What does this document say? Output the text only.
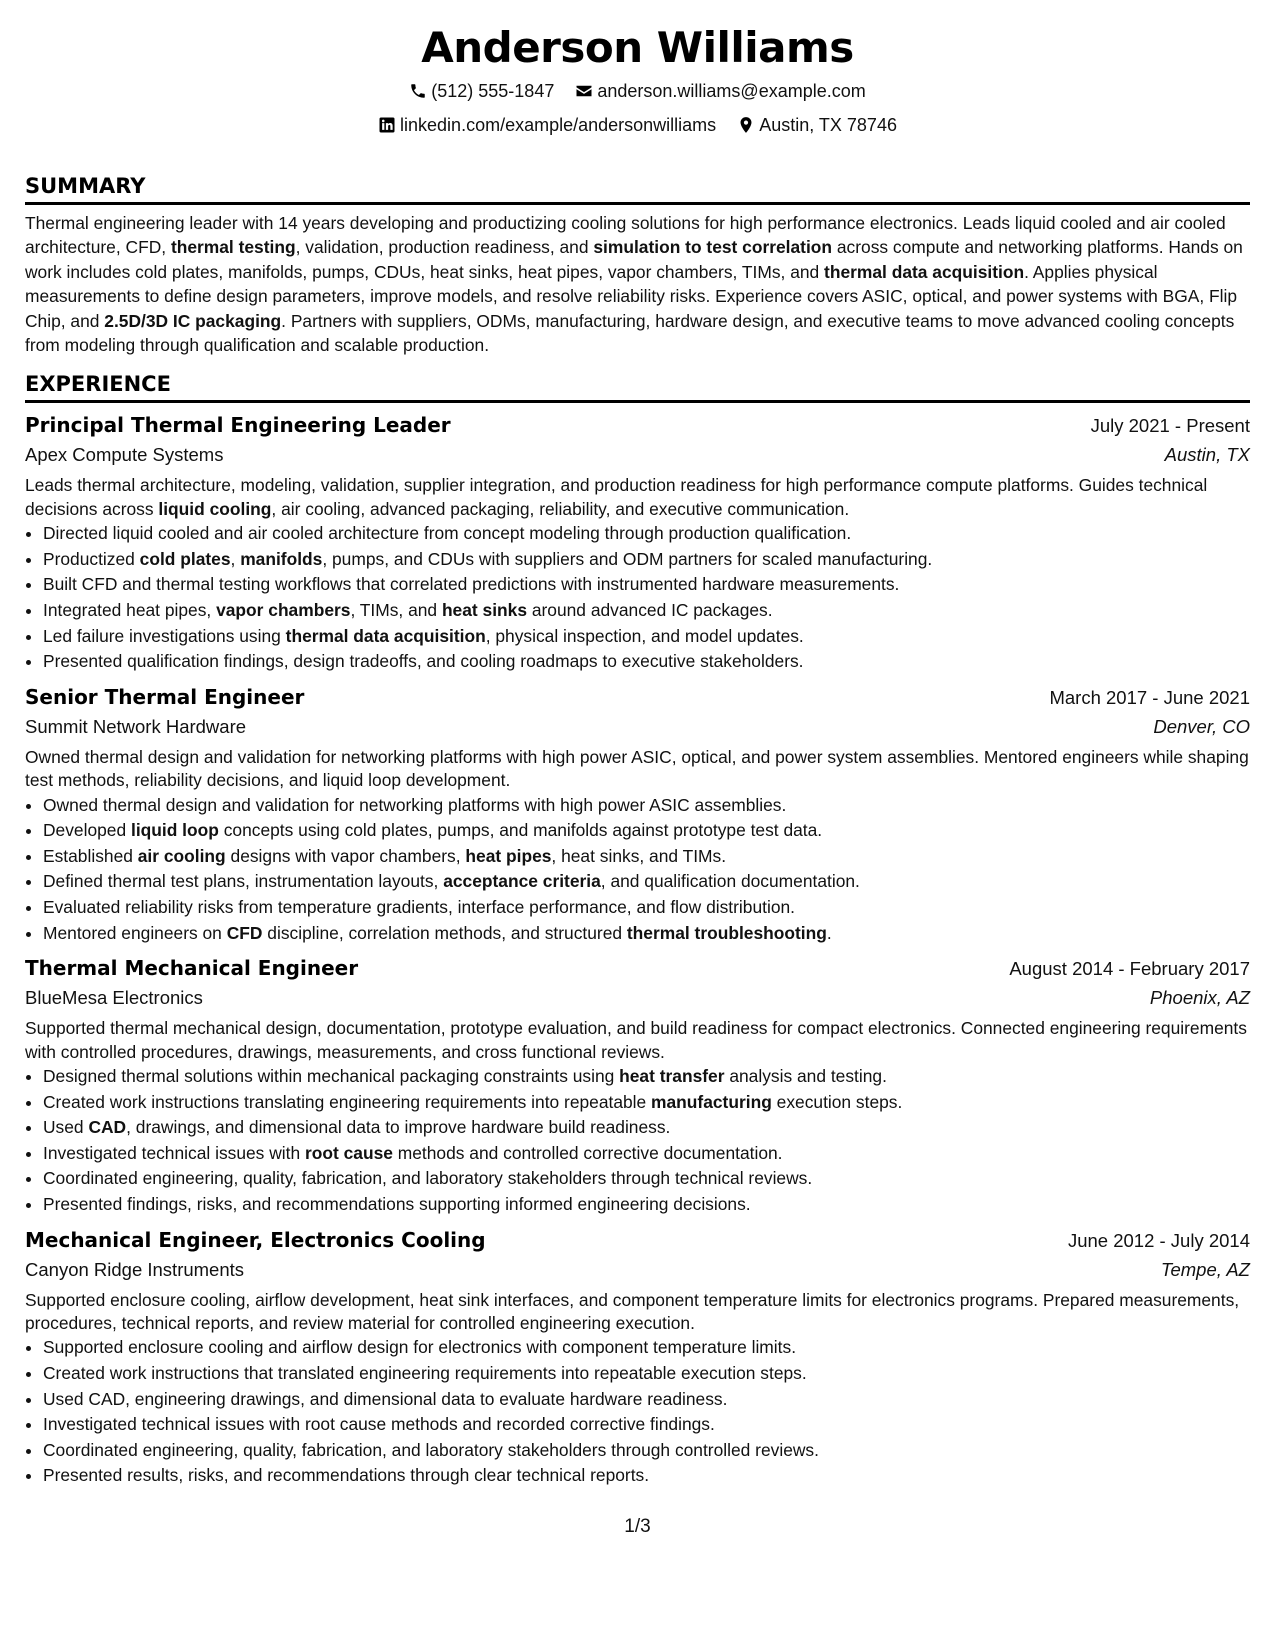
Anderson Williams
(512) 555-1847
anderson.williams@example.com
linkedin.com/example/andersonwilliams
Austin, TX 78746
SUMMARY
Thermal engineering leader with 14 years developing and productizing cooling solutions for high performance electronics. Leads liquid cooled and air cooled architecture, CFD, thermal testing, validation, production readiness, and simulation to test correlation across compute and networking platforms. Hands on work includes cold plates, manifolds, pumps, CDUs, heat sinks, heat pipes, vapor chambers, TIMs, and thermal data acquisition. Applies physical measurements to define design parameters, improve models, and resolve reliability risks. Experience covers ASIC, optical, and power systems with BGA, Flip Chip, and 2.5D/3D IC packaging. Partners with suppliers, ODMs, manufacturing, hardware design, and executive teams to move advanced cooling concepts from modeling through qualification and scalable production.
EXPERIENCE
Principal Thermal Engineering Leader	July 2021 - Present
Apex Compute Systems	Austin, TX
Leads thermal architecture, modeling, validation, supplier integration, and production readiness for high performance compute platforms. Guides technical decisions across liquid cooling, air cooling, advanced packaging, reliability, and executive communication.
• Directed liquid cooled and air cooled architecture from concept modeling through production qualification.
• Productized cold plates, manifolds, pumps, and CDUs with suppliers and ODM partners for scaled manufacturing.
• Built CFD and thermal testing workflows that correlated predictions with instrumented hardware measurements.
• Integrated heat pipes, vapor chambers, TIMs, and heat sinks around advanced IC packages.
• Led failure investigations using thermal data acquisition, physical inspection, and model updates.
• Presented qualification findings, design tradeoffs, and cooling roadmaps to executive stakeholders.
Senior Thermal Engineer	March 2017 - June 2021
Summit Network Hardware	Denver, CO
Owned thermal design and validation for networking platforms with high power ASIC, optical, and power system assemblies. Mentored engineers while shaping test methods, reliability decisions, and liquid loop development.
• Owned thermal design and validation for networking platforms with high power ASIC assemblies.
• Developed liquid loop concepts using cold plates, pumps, and manifolds against prototype test data.
• Established air cooling designs with vapor chambers, heat pipes, heat sinks, and TIMs.
• Defined thermal test plans, instrumentation layouts, acceptance criteria, and qualification documentation.
• Evaluated reliability risks from temperature gradients, interface performance, and flow distribution.
• Mentored engineers on CFD discipline, correlation methods, and structured thermal troubleshooting.
Thermal Mechanical Engineer	August 2014 - February 2017
BlueMesa Electronics	Phoenix, AZ
Supported thermal mechanical design, documentation, prototype evaluation, and build readiness for compact electronics. Connected engineering requirements with controlled procedures, drawings, measurements, and cross functional reviews.
• Designed thermal solutions within mechanical packaging constraints using heat transfer analysis and testing.
• Created work instructions translating engineering requirements into repeatable manufacturing execution steps.
• Used CAD, drawings, and dimensional data to improve hardware build readiness.
• Investigated technical issues with root cause methods and controlled corrective documentation.
• Coordinated engineering, quality, fabrication, and laboratory stakeholders through technical reviews.
• Presented findings, risks, and recommendations supporting informed engineering decisions.
Mechanical Engineer, Electronics Cooling	June 2012 - July 2014
Canyon Ridge Instruments	Tempe, AZ
Supported enclosure cooling, airflow development, heat sink interfaces, and component temperature limits for electronics programs. Prepared measurements, procedures, technical reports, and review material for controlled engineering execution.
• Supported enclosure cooling and airflow design for electronics with component temperature limits.
• Created work instructions that translated engineering requirements into repeatable execution steps.
• Used CAD, engineering drawings, and dimensional data to evaluate hardware readiness.
• Investigated technical issues with root cause methods and recorded corrective findings.
• Coordinated engineering, quality, fabrication, and laboratory stakeholders through controlled reviews.
• Presented results, risks, and recommendations through clear technical reports.
1/3
